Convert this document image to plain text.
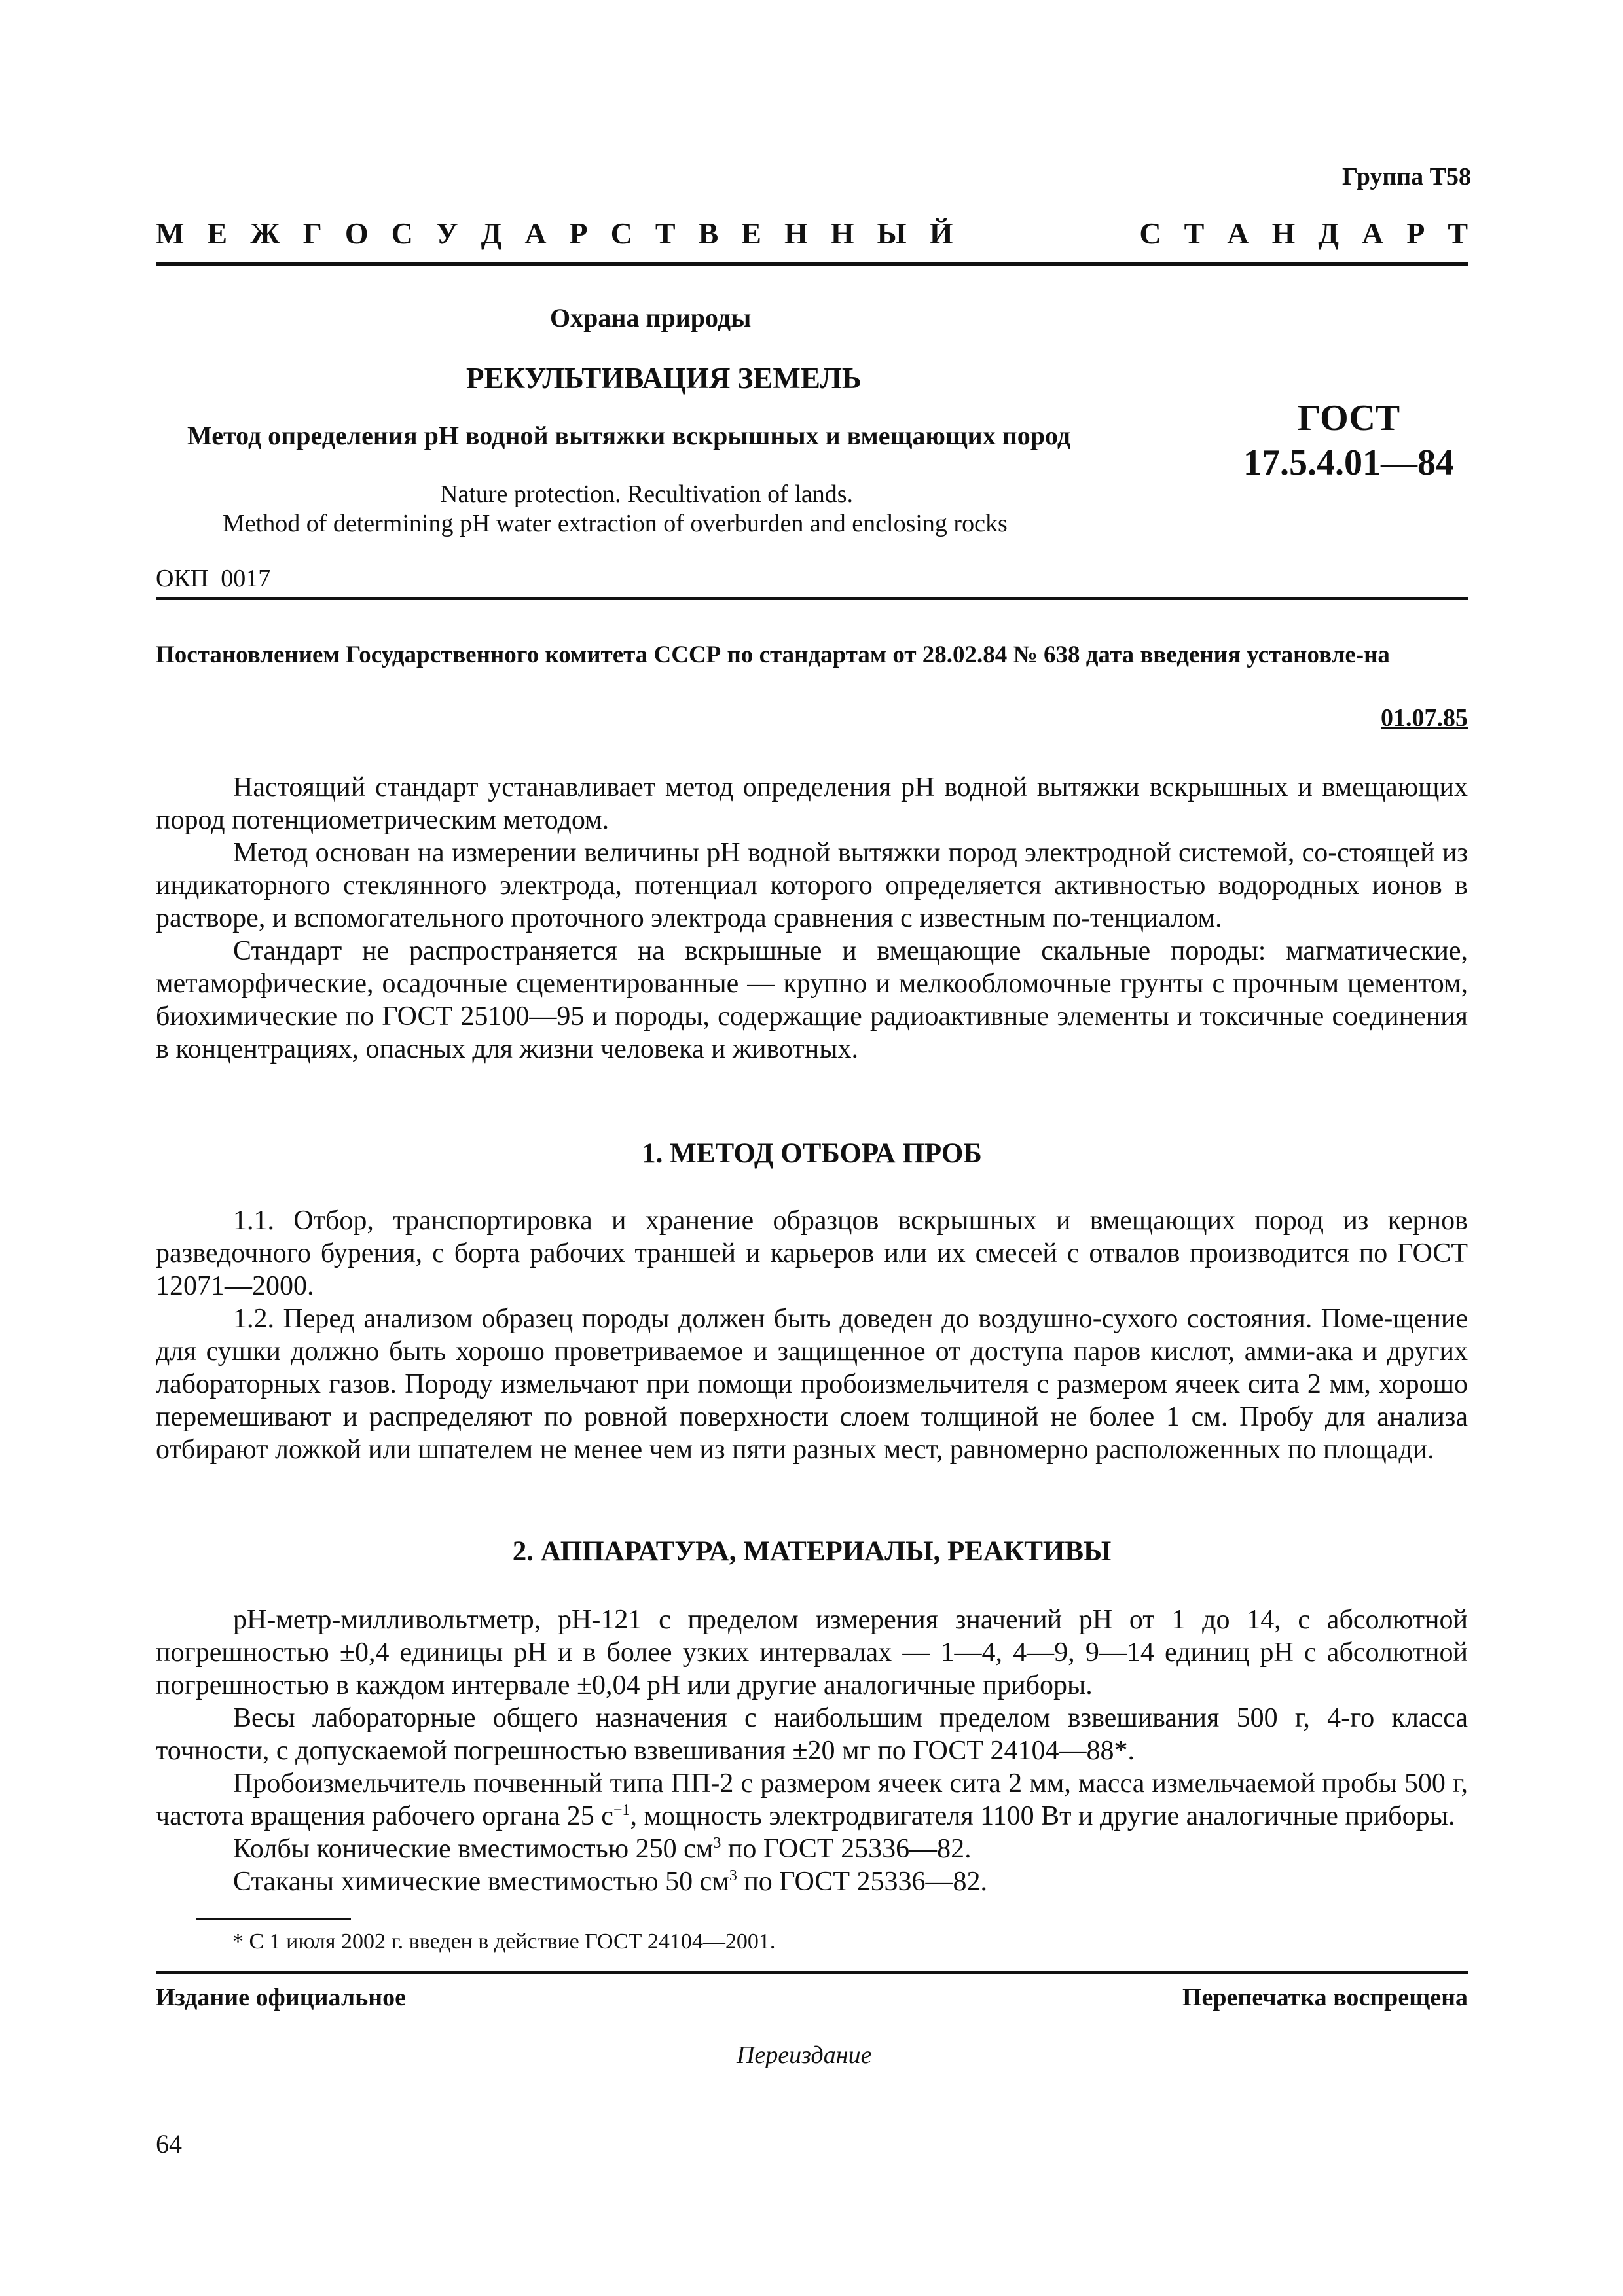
Группа Т58
М Е Ж Г О С У Д А Р С Т В Е Н Н Ы Й	С Т А Н Д А Р Т
Охрана природы
РЕКУЛЬТИВАЦИЯ ЗЕМЕЛЬ
Метод определения рН водной вытяжки вскрышных и вмещающих пород
Nature protection. Recultivation of lands.
Method of determining pH water extraction of overburden and enclosing rocks
ГОСТ
17.5.4.01—84
ОКП  0017
Постановлением Государственного комитета СССР по стандартам от 28.02.84 № 638 дата введения установле-на
01.07.85

Настоящий стандарт устанавливает метод определения рН водной вытяжки вскрышных и вмещающих пород потенциометрическим методом.

Метод основан на измерении величины рН водной вытяжки пород электродной системой, со-стоящей из индикаторного стеклянного электрода, потенциал которого определяется активностью водородных ионов в растворе, и вспомогательного проточного электрода сравнения с известным по-тенциалом.

Стандарт не распространяется на вскрышные и вмещающие скальные породы: магматические, метаморфические, осадочные сцементированные — крупно и мелкообломочные грунты с прочным цементом, биохимические по ГОСТ 25100—95 и породы, содержащие радиоактивные элементы и токсичные соединения в концентрациях, опасных для жизни человека и животных.

1. МЕТОД ОТБОРА ПРОБ

1.1. Отбор, транспортировка и хранение образцов вскрышных и вмещающих пород из кернов разведочного бурения, с борта рабочих траншей и карьеров или их смесей с отвалов производится по ГОСТ 12071—2000.

1.2. Перед анализом образец породы должен быть доведен до воздушно-сухого состояния. Поме-щение для сушки должно быть хорошо проветриваемое и защищенное от доступа паров кислот, амми-ака и других лабораторных газов. Породу измельчают при помощи пробоизмельчителя с размером ячеек сита 2 мм, хорошо перемешивают и распределяют по ровной поверхности слоем толщиной не более 1 см. Пробу для анализа отбирают ложкой или шпателем не менее чем из пяти разных мест, равномерно расположенных по площади.

2. АППАРАТУРА, МАТЕРИАЛЫ, РЕАКТИВЫ

рН-метр-милливольтметр, рН-121 с пределом измерения значений рН от 1 до 14, с абсолютной погрешностью ±0,4 единицы рН и в более узких интервалах — 1—4, 4—9, 9—14 единиц рН с абсолютной погрешностью в каждом интервале ±0,04 рН или другие аналогичные приборы.

Весы лабораторные общего назначения с наибольшим пределом взвешивания 500 г, 4-го класса точности, с допускаемой погрешностью взвешивания ±20 мг по ГОСТ 24104—88*.

Пробоизмельчитель почвенный типа ПП-2 с размером ячеек сита 2 мм, масса измельчаемой пробы 500 г, частота вращения рабочего органа 25 $с^{-1}$, мощность электродвигателя 1100 Вт и другие аналогичные приборы.

Колбы конические вместимостью 250 $см^3$ по ГОСТ 25336—82.

Стаканы химические вместимостью 50 $см^3$ по ГОСТ 25336—82.

* С 1 июля 2002 г. введен в действие ГОСТ 24104—2001.
Издание официальное	Перепечатка воспрещена
Переиздание
64
